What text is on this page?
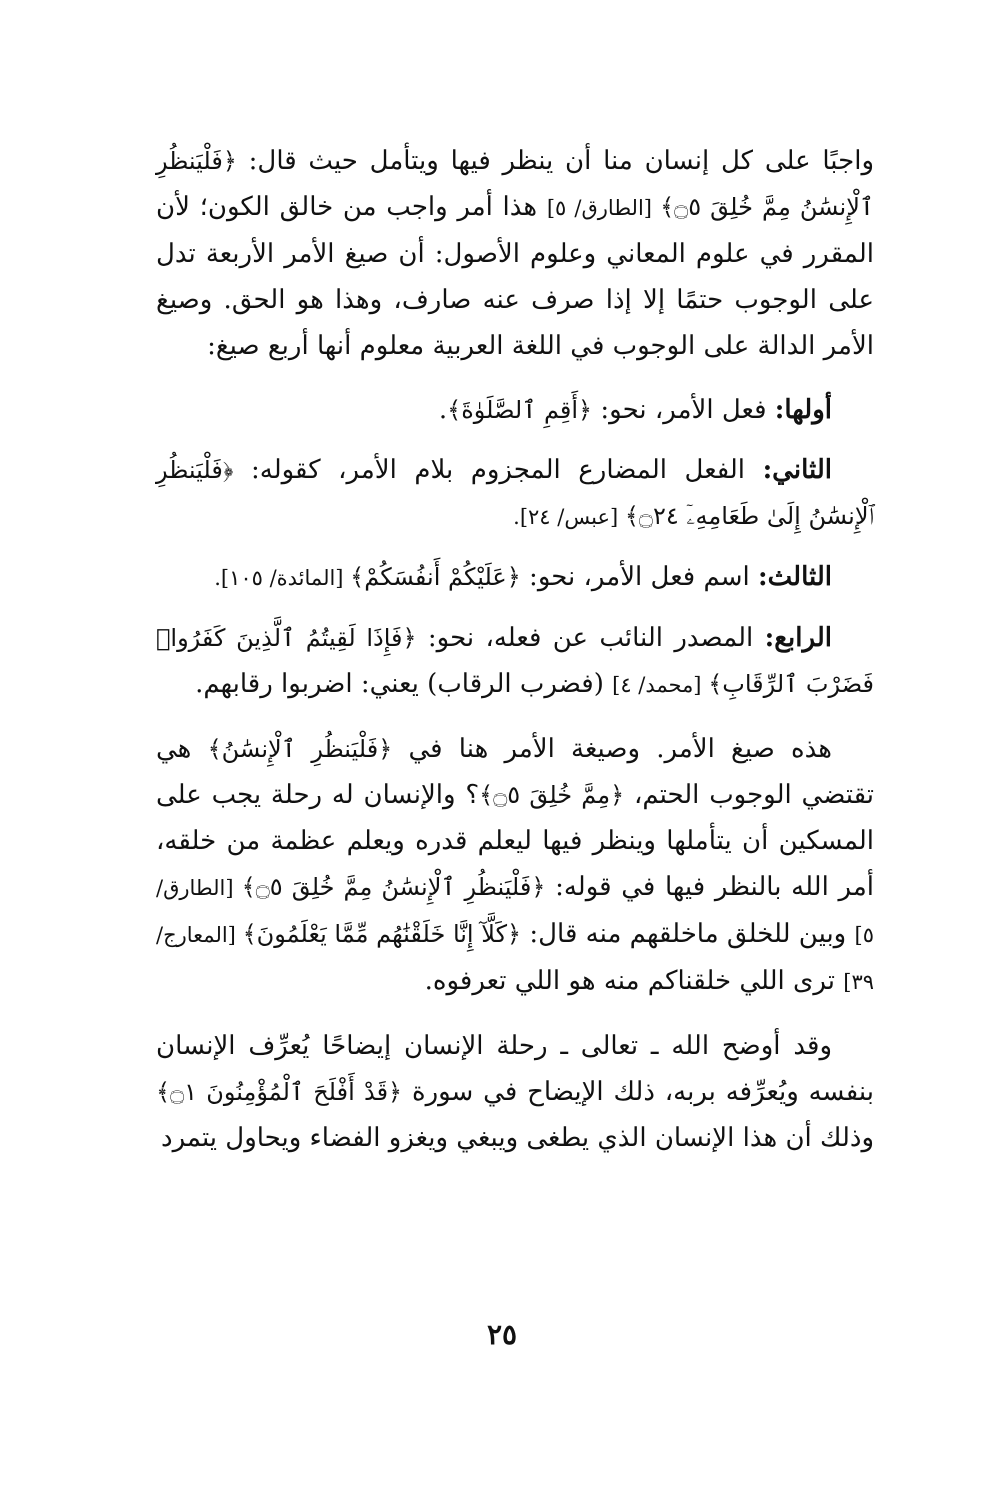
واجبًا على كل إنسان منا أن ينظر فيها ويتأمل حيث قال: ﴿فَلْيَنظُرِ ٱلْإِنسَٰنُ مِمَّ خُلِقَ ۝٥﴾ [الطارق/ ٥] هذا أمر واجب من خالق الكون؛ لأن المقرر في علوم المعاني وعلوم الأصول: أن صيغ الأمر الأربعة تدل على الوجوب حتمًا إلا إذا صرف عنه صارف، وهذا هو الحق. وصيغ الأمر الدالة على الوجوب في اللغة العربية معلوم أنها أربع صيغ:

أولها: فعل الأمر، نحو: ﴿أَقِمِ ٱلصَّلَوٰةَ﴾.

الثاني: الفعل المضارع المجزوم بلام الأمر، كقوله: ﴿فَلْيَنظُرِ ٱلْإِنسَٰنُ إِلَىٰ طَعَامِهِۦٓ ۝٢٤﴾ [عبس/ ٢٤].

الثالث: اسم فعل الأمر، نحو: ﴿عَلَيْكُمْ أَنفُسَكُمْ﴾ [المائدة/ ١٠٥].

الرابع: المصدر النائب عن فعله، نحو: ﴿فَإِذَا لَقِيتُمُ ٱلَّذِينَ كَفَرُوا۟ فَضَرْبَ ٱلرِّقَابِ﴾ [محمد/ ٤] (فضرب الرقاب) يعني: اضربوا رقابهم.

هذه صيغ الأمر. وصيغة الأمر هنا في ﴿فَلْيَنظُرِ ٱلْإِنسَٰنُ﴾ هي تقتضي الوجوب الحتم، ﴿مِمَّ خُلِقَ ۝٥﴾؟ والإنسان له رحلة يجب على المسكين أن يتأملها وينظر فيها ليعلم قدره ويعلم عظمة من خلقه، أمر الله بالنظر فيها في قوله: ﴿فَلْيَنظُرِ ٱلْإِنسَٰنُ مِمَّ خُلِقَ ۝٥﴾ [الطارق/ ٥] وبين للخلق ماخلقهم منه قال: ﴿كَلَّآ إِنَّا خَلَقْنَٰهُم مِّمَّا يَعْلَمُونَ﴾ [المعارج/ ٣٩] ترى اللي خلقناكم منه هو اللي تعرفوه.

وقد أوضح الله ـ تعالى ـ رحلة الإنسان إيضاحًا يُعرِّف الإنسان بنفسه ويُعرِّفه بربه، ذلك الإيضاح في سورة ﴿قَدْ أَفْلَحَ ٱلْمُؤْمِنُونَ ۝١﴾ وذلك أن هذا الإنسان الذي يطغى ويبغي ويغزو الفضاء ويحاول يتمرد

٢٥
